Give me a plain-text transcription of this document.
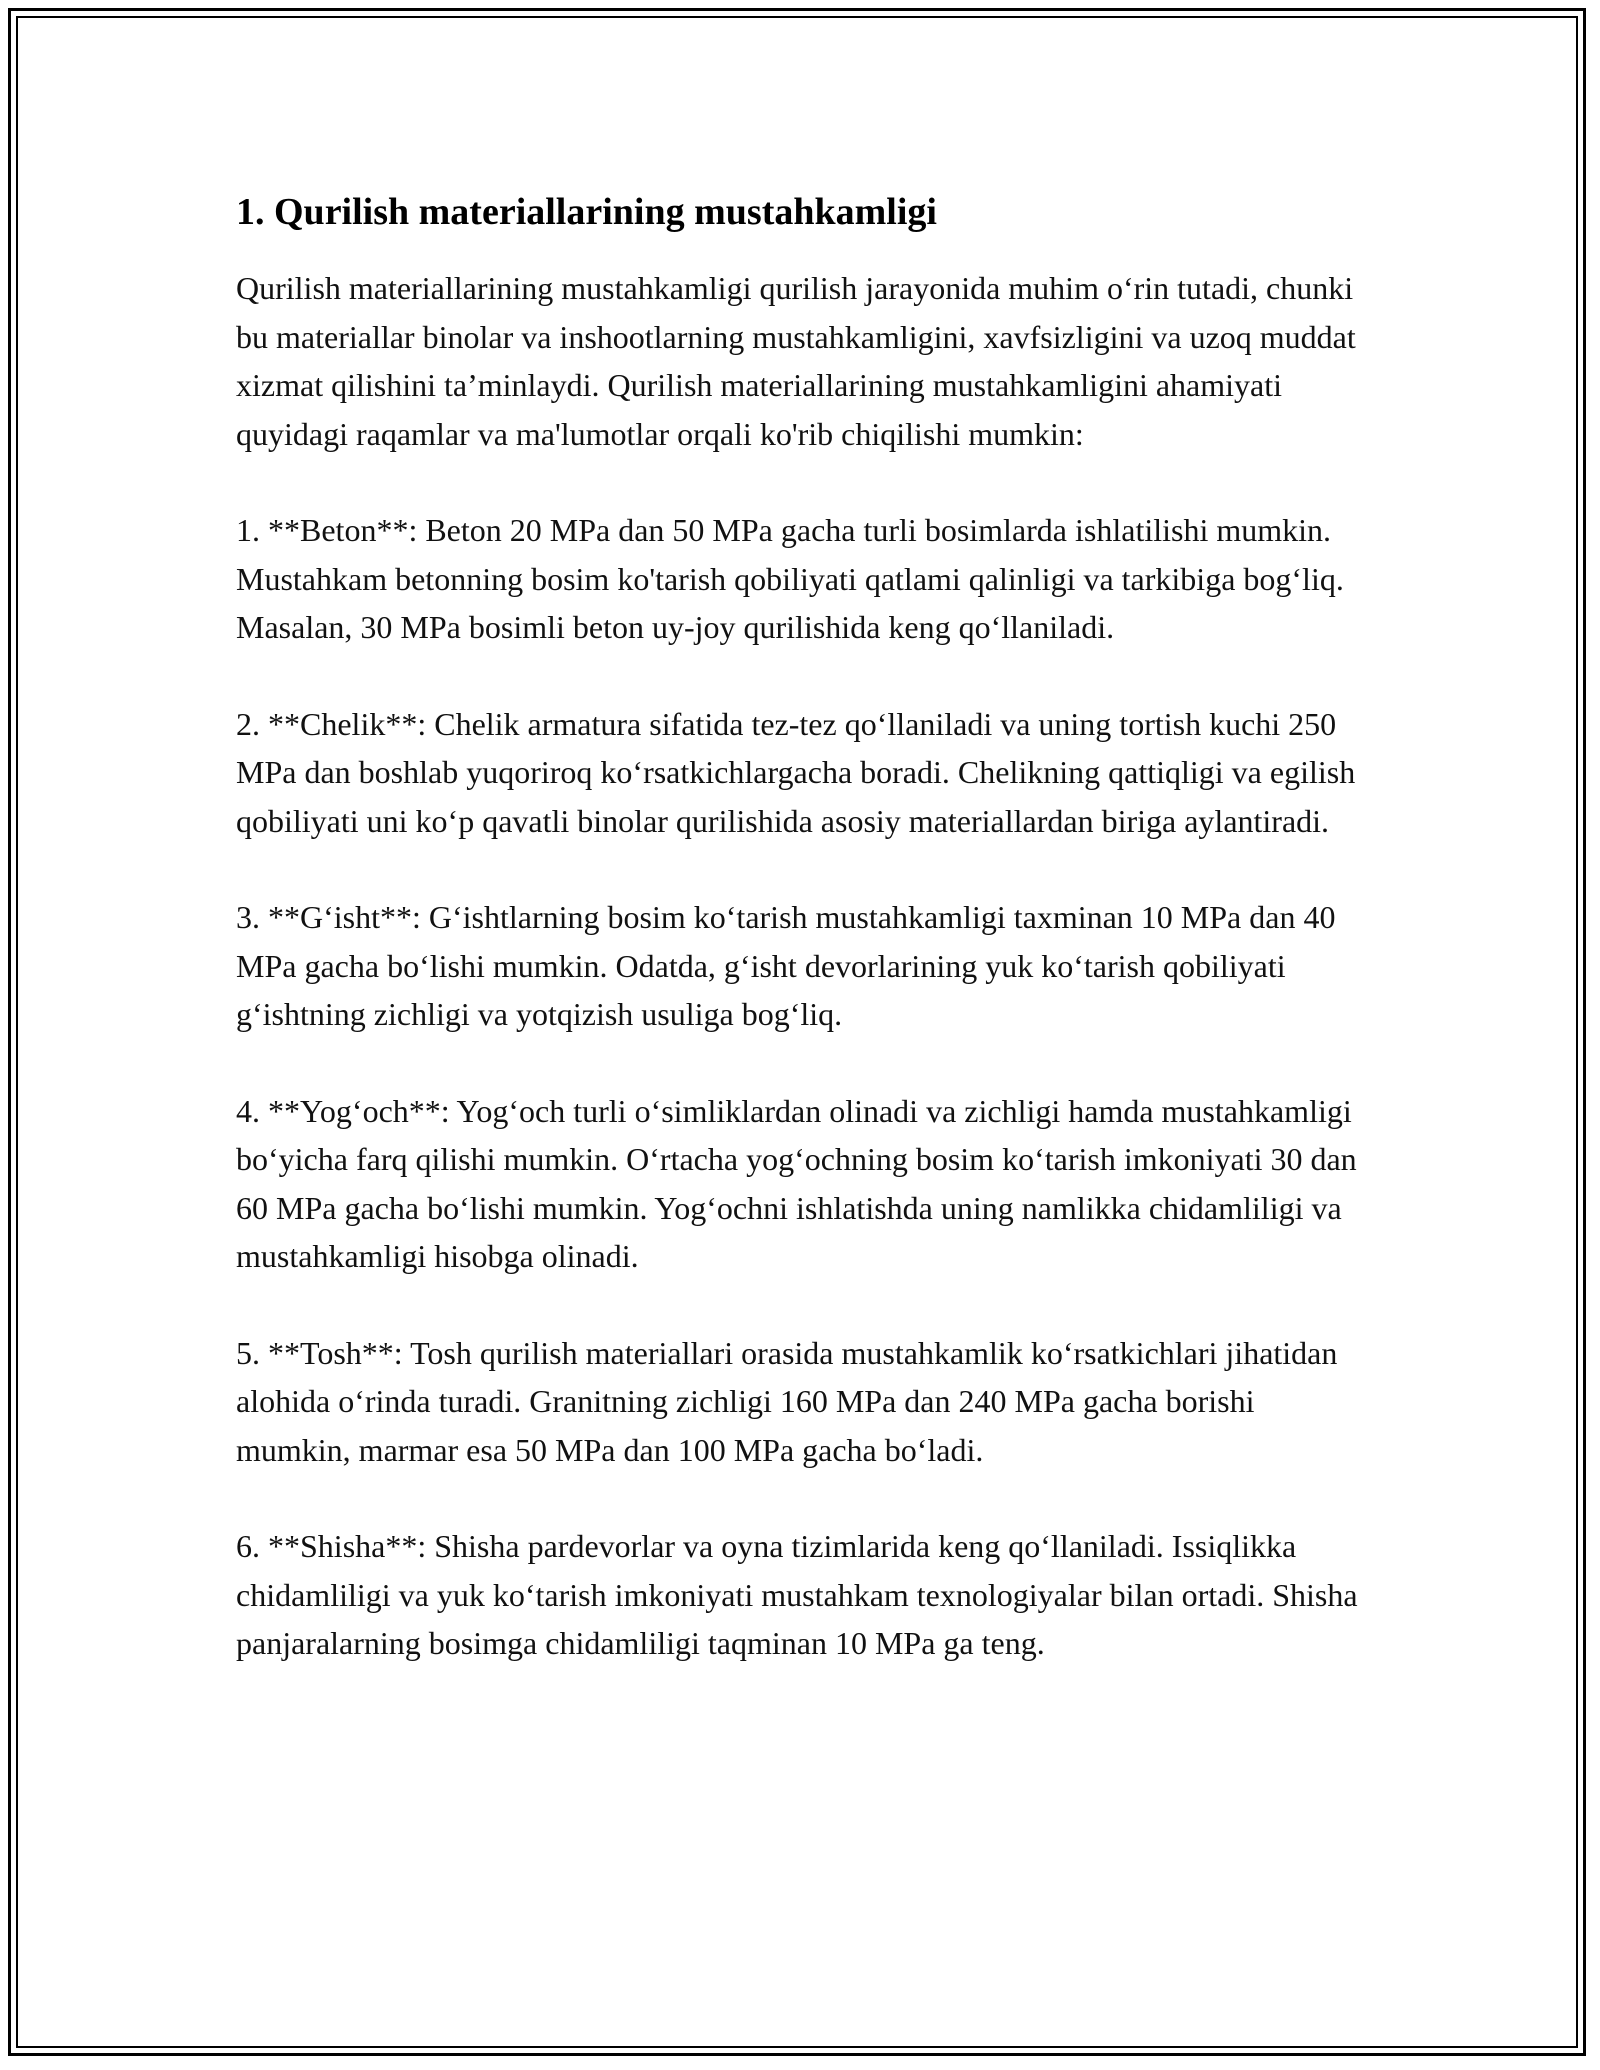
1. Qurilish materiallarining mustahkamligi

Qurilish materiallarining mustahkamligi qurilish jarayonida muhim o‘rin tutadi, chunki bu materiallar binolar va inshootlarning mustahkamligini, xavfsizligini va uzoq muddat xizmat qilishini ta’minlaydi. Qurilish materiallarining mustahkamligini ahamiyati quyidagi raqamlar va ma'lumotlar orqali ko'rib chiqilishi mumkin:

1. **Beton**: Beton 20 MPa dan 50 MPa gacha turli bosimlarda ishlatilishi mumkin. Mustahkam betonning bosim ko'tarish qobiliyati qatlami qalinligi va tarkibiga bog‘liq. Masalan, 30 MPa bosimli beton uy-joy qurilishida keng qo‘llaniladi.

2. **Chelik**: Chelik armatura sifatida tez-tez qo‘llaniladi va uning tortish kuchi 250 MPa dan boshlab yuqoriroq ko‘rsatkichlargacha boradi. Chelikning qattiqligi va egilish qobiliyati uni ko‘p qavatli binolar qurilishida asosiy materiallardan biriga aylantiradi.

3. **G‘isht**: G‘ishtlarning bosim ko‘tarish mustahkamligi taxminan 10 MPa dan 40 MPa gacha bo‘lishi mumkin. Odatda, g‘isht devorlarining yuk ko‘tarish qobiliyati g‘ishtning zichligi va yotqizish usuliga bog‘liq.

4. **Yog‘och**: Yog‘och turli o‘simliklardan olinadi va zichligi hamda mustahkamligi bo‘yicha farq qilishi mumkin. O‘rtacha yog‘ochning bosim ko‘tarish imkoniyati 30 dan 60 MPa gacha bo‘lishi mumkin. Yog‘ochni ishlatishda uning namlikka chidamliligi va mustahkamligi hisobga olinadi.

5. **Tosh**: Tosh qurilish materiallari orasida mustahkamlik ko‘rsatkichlari jihatidan alohida o‘rinda turadi. Granitning zichligi 160 MPa dan 240 MPa gacha borishi mumkin, marmar esa 50 MPa dan 100 MPa gacha bo‘ladi.

6. **Shisha**: Shisha pardevorlar va oyna tizimlarida keng qo‘llaniladi. Issiqlikka chidamliligi va yuk ko‘tarish imkoniyati mustahkam texnologiyalar bilan ortadi. Shisha panjaralarning bosimga chidamliligi taqminan 10 MPa ga teng.
